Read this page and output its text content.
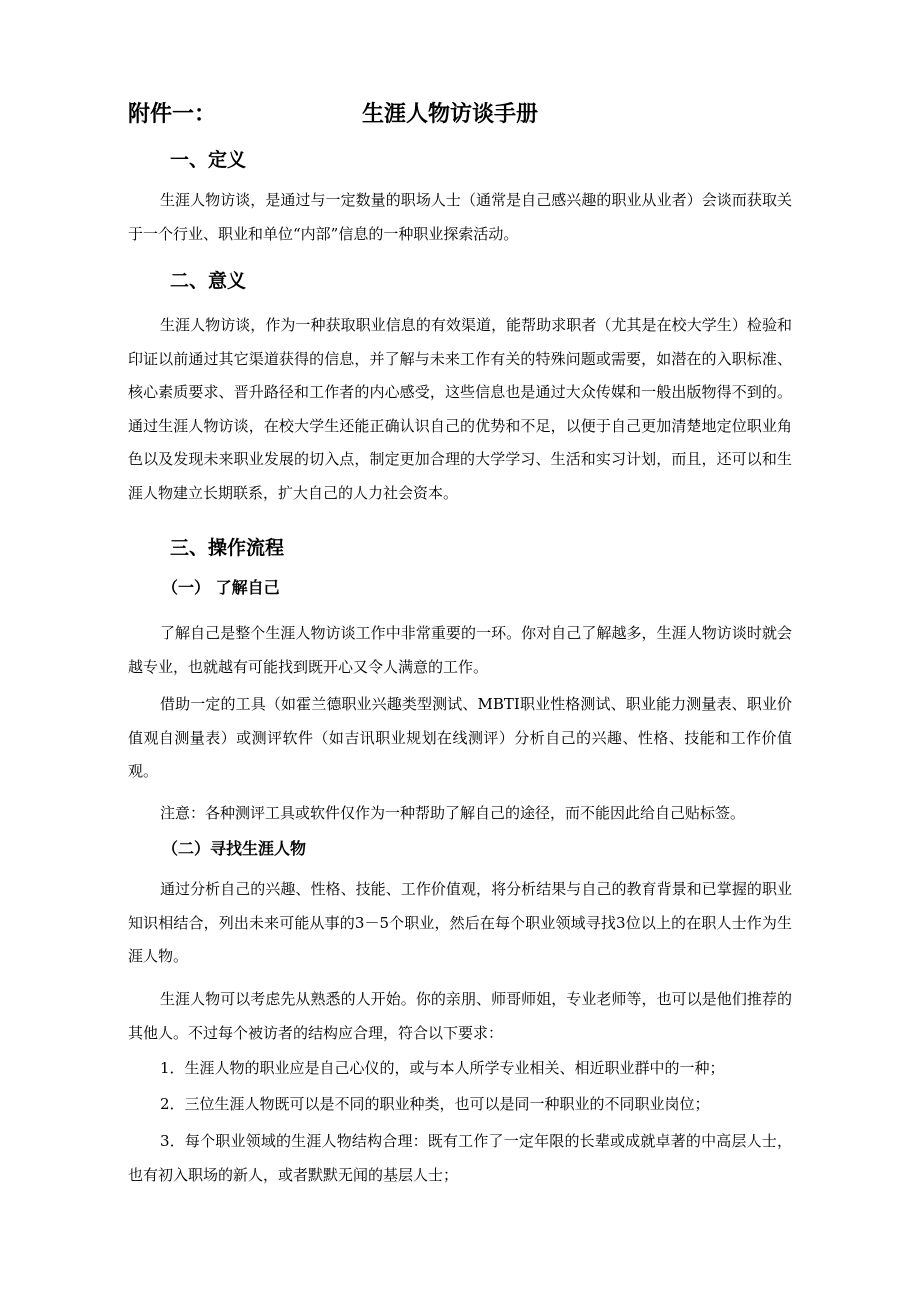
附件一：	生涯人物访谈手册
一、定义

生涯人物访谈，是通过与一定数量的职场人士（通常是自己感兴趣的职业从业者）会谈而获取关于一个行业、职业和单位“内部”信息的一种职业探索活动。

二、意义

生涯人物访谈，作为一种获取职业信息的有效渠道，能帮助求职者（尤其是在校大学生）检验和印证以前通过其它渠道获得的信息，并了解与未来工作有关的特殊问题或需要，如潜在的入职标准、核心素质要求、晋升路径和工作者的内心感受，这些信息也是通过大众传媒和一般出版物得不到的。通过生涯人物访谈，在校大学生还能正确认识自己的优势和不足，以便于自己更加清楚地定位职业角色以及发现未来职业发展的切入点，制定更加合理的大学学习、生活和实习计划，而且，还可以和生涯人物建立长期联系，扩大自己的人力社会资本。

三、操作流程
（一） 了解自己

了解自己是整个生涯人物访谈工作中非常重要的一环。你对自己了解越多，生涯人物访谈时就会越专业，也就越有可能找到既开心又令人满意的工作。

借助一定的工具（如霍兰德职业兴趣类型测试、MBTI职业性格测试、职业能力测量表、职业价值观自测量表）或测评软件（如吉讯职业规划在线测评）分析自己的兴趣、性格、技能和工作价值观。

注意：各种测评工具或软件仅作为一种帮助了解自己的途径，而不能因此给自己贴标签。

（二）寻找生涯人物

通过分析自己的兴趣、性格、技能、工作价值观，将分析结果与自己的教育背景和已掌握的职业知识相结合，列出未来可能从事的3－5个职业，然后在每个职业领域寻找3位以上的在职人士作为生涯人物。

生涯人物可以考虑先从熟悉的人开始。你的亲朋、师哥师姐，专业老师等，也可以是他们推荐的其他人。不过每个被访者的结构应合理，符合以下要求：

1．生涯人物的职业应是自己心仪的，或与本人所学专业相关、相近职业群中的一种；

2．三位生涯人物既可以是不同的职业种类，也可以是同一种职业的不同职业岗位；

3．每个职业领域的生涯人物结构合理：既有工作了一定年限的长辈或成就卓著的中高层人士，也有初入职场的新人，或者默默无闻的基层人士；
